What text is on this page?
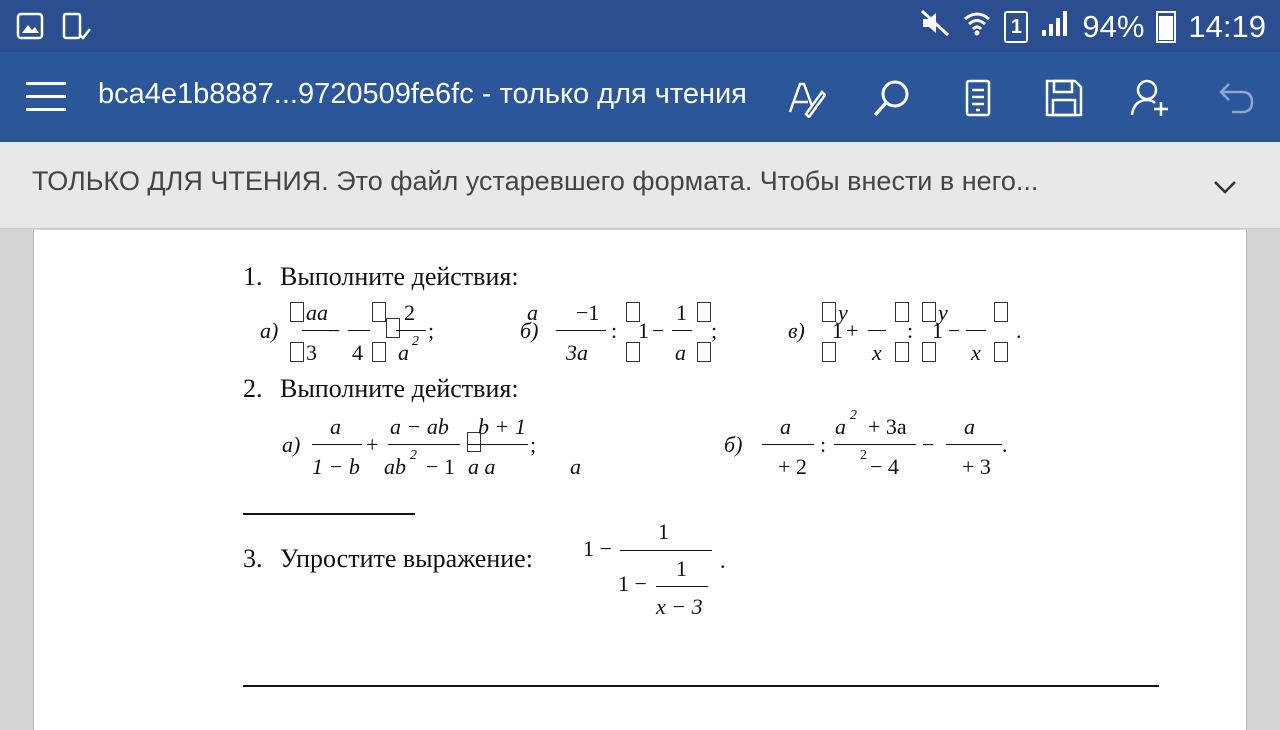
1 94% 14:19
bca4e1b8887...9720509fe6fc - только для чтения
ТОЛЬКО ДЛЯ ЧТЕНИЯ. Это файл устаревшего формата. Чтобы внести в него...
1. Выполните действия:
а)
aa
3
−
4
2
a 2 ;	б)
a −1
3a
: 1 −
1
a
;	в) 1 +
y
x
:
y
1 −
x
.
2. Выполните действия:
а)
a
1 − b
+
a − ab
ab 2 − 1
b + 1
a a
;
a
б)
a
+ 2
:
a 2 + 3a
2 − 4
−
a
+ 3
.
3. Упростите выражение: 1 −
1
1 −
1
x − 3
.
